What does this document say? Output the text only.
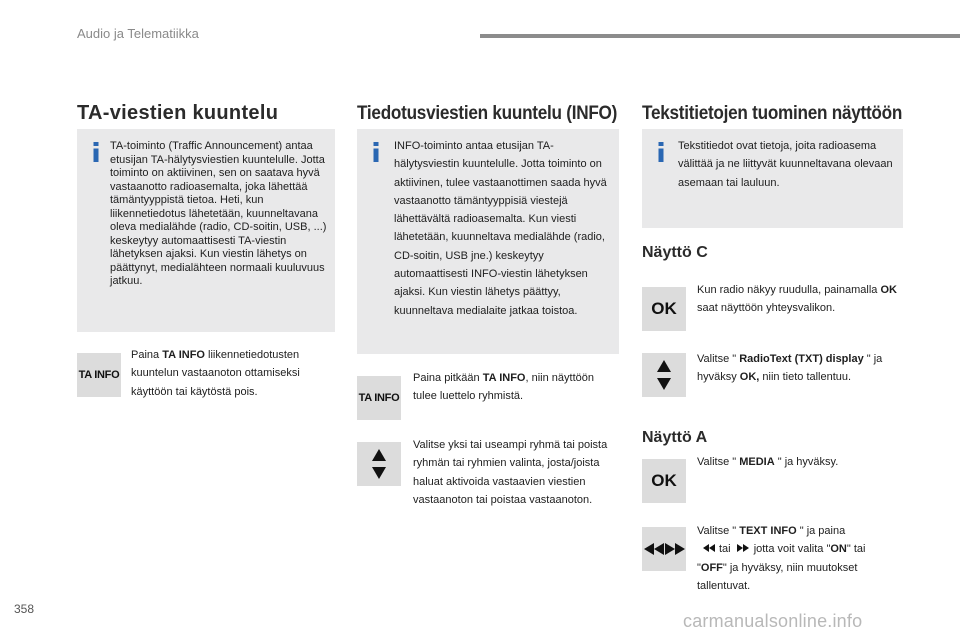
Audio ja Telematiikka
TA-viestien kuuntelu
TA-toiminto (Traffic Announcement) antaa etusijan TA-hälytysviestien kuuntelulle. Jotta toiminto on aktiivinen, sen on saatava hyvä vastaanotto radioasemalta, joka lähettää tämäntyyppistä tietoa. Heti, kun liikennetiedotus lähetetään, kuunneltavana oleva medialähde (radio, CD-soitin, USB, ...) keskeytyy automaattisesti TA-viestin lähetyksen ajaksi. Kun viestin lähetys on päättynyt, medialähteen normaali kuuluvuus jatkuu.
TA INFO
Paina TA INFO liikennetiedotusten kuuntelun vastaanoton ottamiseksi käyttöön tai käytöstä pois.
Tiedotusviestien kuuntelu (INFO)
INFO-toiminto antaa etusijan TA-hälytysviestin kuuntelulle. Jotta toiminto on aktiivinen, tulee vastaanottimen saada hyvä vastaanotto tämäntyyppisiä viestejä lähettävältä radioasemalta. Kun viesti lähetetään, kuunneltava medialähde (radio, CD-soitin, USB jne.) keskeytyy automaattisesti INFO-viestin lähetyksen ajaksi. Kun viestin lähetys päättyy, kuunneltava medialaite jatkaa toistoa.
TA INFO
Paina pitkään TA INFO, niin näyttöön tulee luettelo ryhmistä.
Valitse yksi tai useampi ryhmä tai poista ryhmän tai ryhmien valinta, josta/joista haluat aktivoida vastaavien viestien vastaanoton tai poistaa vastaanoton.
Tekstitietojen tuominen näyttöön
Tekstitiedot ovat tietoja, joita radioasema välittää ja ne liittyvät kuunneltavana olevaan asemaan tai lauluun.
Näyttö C
OK
Kun radio näkyy ruudulla, painamalla OK saat näyttöön yhteysvalikon.
Valitse " RadioText (TXT) display " ja hyväksy OK, niin tieto tallentuu.
Näyttö A
OK
Valitse " MEDIA " ja hyväksy.
Valitse " TEXT INFO " ja paina
tai jotta voit valita "ON" tai
"OFF" ja hyväksy, niin muutokset tallentuvat.
358
carmanualsonline.info
